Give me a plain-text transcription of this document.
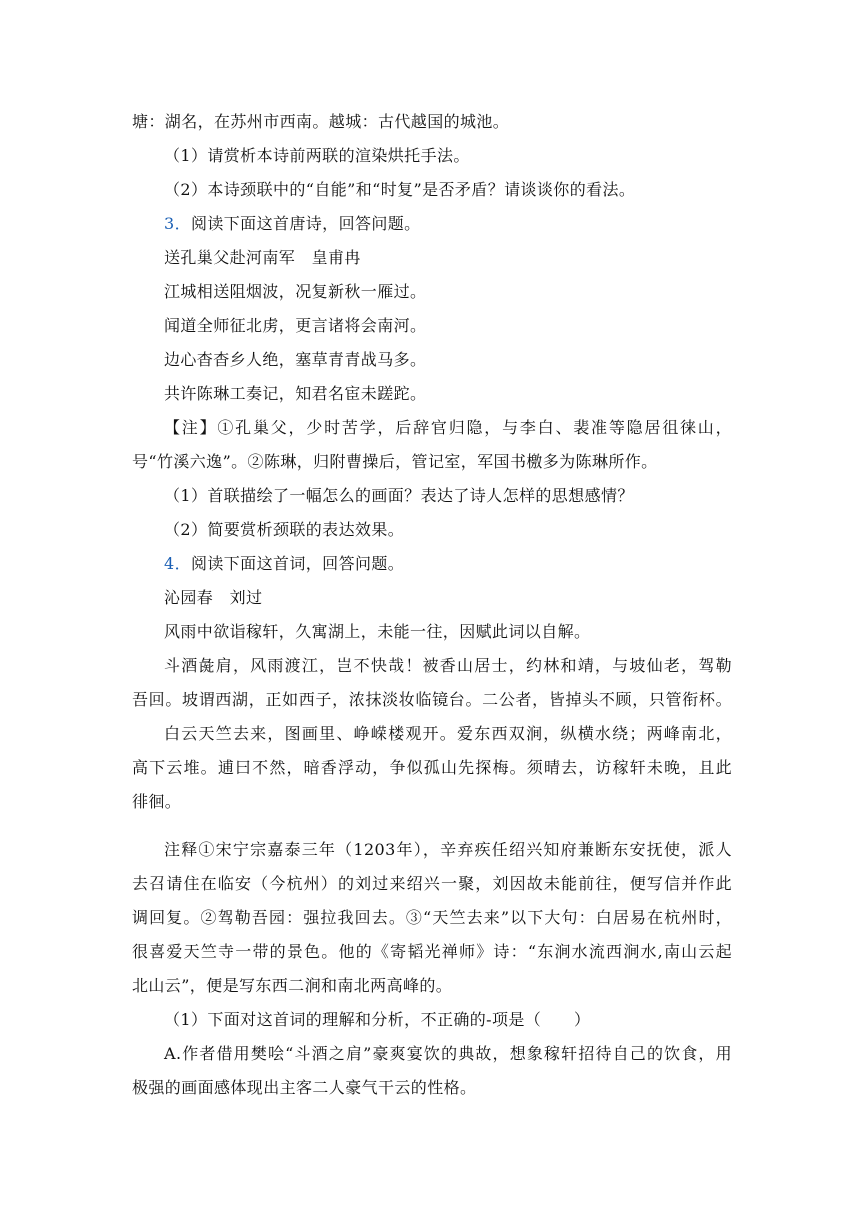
塘：湖名，在苏州市西南。越城：古代越国的城池。
（1）请赏析本诗前两联的渲染烘托手法。
（2）本诗颈联中的“自能”和“时复”是否矛盾？请谈谈你的看法。
3．阅读下面这首唐诗，回答问题。
送孔巢父赴河南军　皇甫冉
江城相送阻烟波，况复新秋一雁过。
闻道全师征北虏，更言诸将会南河。
边心杳杳乡人绝，塞草青青战马多。
共许陈琳工奏记，知君名宦未蹉跎。
【注】①孔巢父，少时苦学，后辞官归隐，与李白、裴准等隐居徂徕山，
号“竹溪六逸”。②陈琳，归附曹操后，管记室，军国书檄多为陈琳所作。
（1）首联描绘了一幅怎么的画面？表达了诗人怎样的思想感情？
（2）简要赏析颈联的表达效果。
4．阅读下面这首词，回答问题。
沁园春　刘过
风雨中欲诣稼轩，久寓湖上，未能一往，因赋此词以自解。
斗酒彘肩，风雨渡江，岂不快哉！被香山居士，约林和靖，与坡仙老，驾勒
吾回。坡谓西湖，正如西子，浓抹淡妆临镜台。二公者，皆掉头不顾，只管衔杯。
白云天竺去来，图画里、峥嵘楼观开。爱东西双涧，纵横水绕；两峰南北，
高下云堆。逋曰不然，暗香浮动，争似孤山先探梅。须晴去，访稼轩未晚，且此
徘徊。
注释①宋宁宗嘉泰三年（1203年），辛弃疾任绍兴知府兼断东安抚使，派人
去召请住在临安（今杭州）的刘过来绍兴一聚，刘因故未能前往，便写信并作此
调回复。②驾勒吾园：强拉我回去。③“天竺去来”以下大句：白居易在杭州时，
很喜爱天竺寺一带的景色。他的《寄韬光禅师》诗：“东涧水流西涧水,南山云起
北山云”，便是写东西二涧和南北两高峰的。
（1）下面对这首词的理解和分析，不正确的-项是（　　）
A.作者借用樊哙“斗酒之肩”豪爽宴饮的典故，想象稼轩招待自己的饮食，用
极强的画面感体现出主客二人豪气干云的性格。
